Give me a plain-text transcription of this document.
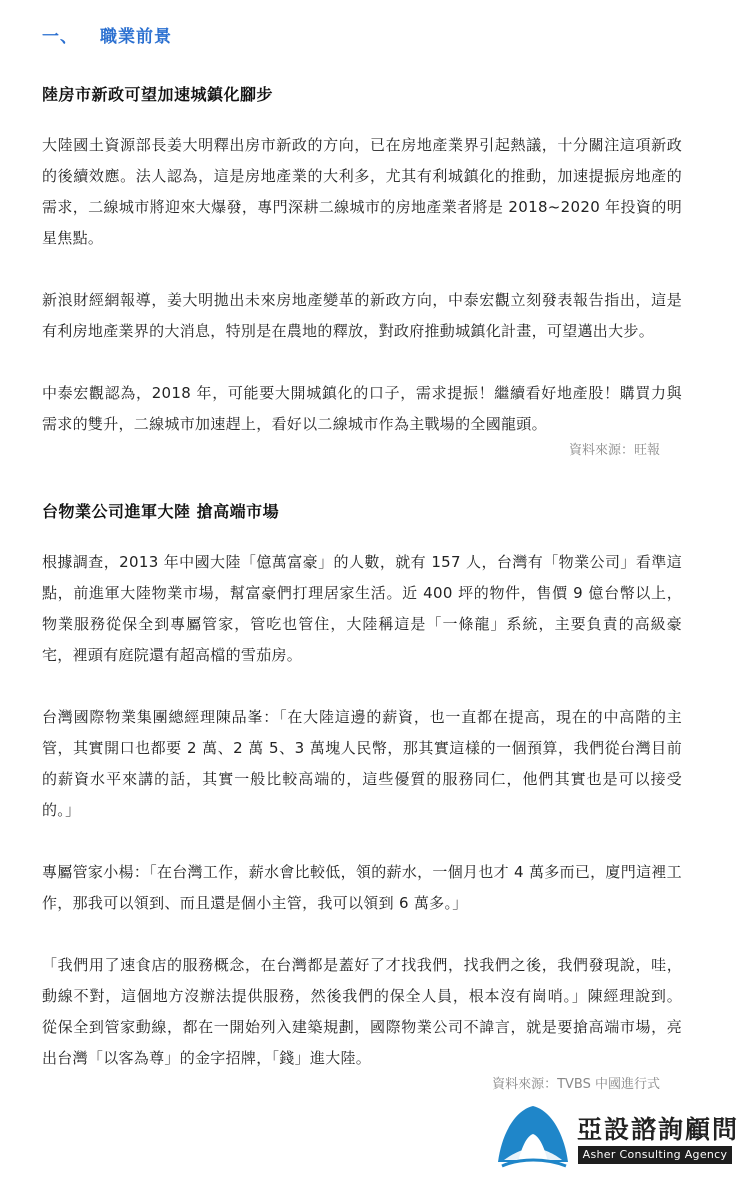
一、 職業前景
陸房市新政可望加速城鎮化腳步

大陸國土資源部長姜大明釋出房市新政的方向，已在房地產業界引起熱議，十分關注這項新政的後續效應。法人認為，這是房地產業的大利多，尤其有利城鎮化的推動，加速提振房地產的需求，二線城市將迎來大爆發，專門深耕二線城市的房地產業者將是 2018~2020 年投資的明星焦點。

新浪財經網報導，姜大明拋出未來房地產變革的新政方向，中泰宏觀立刻發表報告指出，這是有利房地產業界的大消息，特別是在農地的釋放，對政府推動城鎮化計畫，可望邁出大步。

中泰宏觀認為，2018 年，可能要大開城鎮化的口子，需求提振！繼續看好地產股！購買力與需求的雙升，二線城市加速趕上，看好以二線城市作為主戰場的全國龍頭。

資料來源：旺報
台物業公司進軍大陸 搶高端市場

根據調查，2013 年中國大陸「億萬富豪」的人數，就有 157 人，台灣有「物業公司」看準這點，前進軍大陸物業市場，幫富豪們打理居家生活。近 400 坪的物件，售價 9 億台幣以上，物業服務從保全到專屬管家，管吃也管住，大陸稱這是「一條龍」系統，主要負責的高級豪宅，裡頭有庭院還有超高檔的雪茄房。

台灣國際物業集團總經理陳品峯：「在大陸這邊的薪資，也一直都在提高，現在的中高階的主管，其實開口也都要 2 萬、2 萬 5、3 萬塊人民幣，那其實這樣的一個預算，我們從台灣目前的薪資水平來講的話，其實一般比較高端的，這些優質的服務同仁，他們其實也是可以接受的。」

專屬管家小楊：「在台灣工作，薪水會比較低，領的薪水，一個月也才 4 萬多而已，廈門這裡工作，那我可以領到、而且還是個小主管，我可以領到 6 萬多。」

「我們用了速食店的服務概念，在台灣都是蓋好了才找我們，找我們之後，我們發現說，哇，動線不對，這個地方沒辦法提供服務，然後我們的保全人員，根本沒有崗哨。」陳經理說到。 從保全到管家動線，都在一開始列入建築規劃，國際物業公司不諱言，就是要搶高端市場，亮出台灣「以客為尊」的金字招牌，「錢」進大陸。

資料來源：TVBS 中國進行式
亞設諮詢顧問
Asher Consulting Agency
